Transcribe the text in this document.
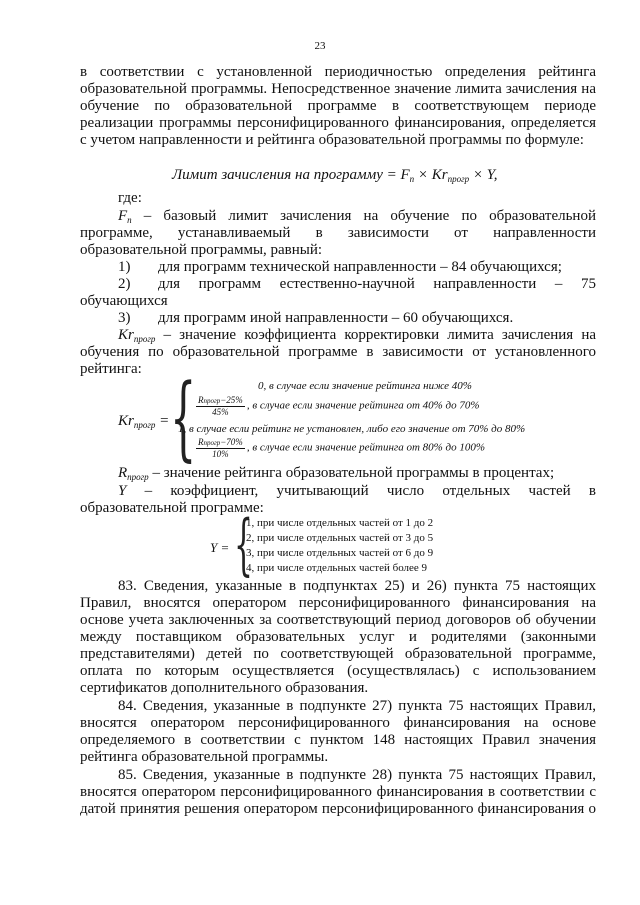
23
в соответствии с установленной периодичностью определения рейтинга
образовательной программы. Непосредственное значение лимита зачисления на
обучение по образовательной программе в соответствующем периоде
реализации программы персонифицированного финансирования, определяется
с учетом направленности и рейтинга образовательной программы по формуле:
Лимит зачисления на программу = $F_п \times Kr_{прогр} \times Y$,
где:
$F_п$ – базовый лимит зачисления на обучение по образовательной
программе, устанавливаемый в зависимости от направленности
образовательной программы, равный:
1) для программ технической направленности – 84 обучающихся;
2) для программ естественно-научной направленности – 75
обучающихся
3) для программ иной направленности – 60 обучающихся.
$Kr_{прогр}$ – значение коэффициента корректировки лимита зачисления на
обучения по образовательной программе в зависимости от установленного
рейтинга:
$Kr_{прогр}$ = {	0, в случае если значение рейтинга ниже 40%
$\frac{\text{Rпрогр−25\%}}{45\%}$ , в случае если значение рейтинга от 40% до 70%
1, в случае если рейтинг не установлен, либо его значение от 70% до 80%
$\frac{\text{Rпрогр−70\%}}{10\%}$ , в случае если значение рейтинга от 80% до 100%
$R_{прогр}$ – значение рейтинга образовательной программы в процентах;
Y – коэффициент, учитывающий число отдельных частей в
образовательной программе:
Y = {
1, при числе отдельных частей от 1 до 2
2, при числе отдельных частей от 3 до 5
3, при числе отдельных частей от 6 до 9
4, при числе отдельных частей более 9
83. Сведения, указанные в подпунктах 25) и 26) пункта 75 настоящих
Правил, вносятся оператором персонифицированного финансирования на
основе учета заключенных за соответствующий период договоров об обучении
между поставщиком образовательных услуг и родителями (законными
представителями) детей по соответствующей образовательной программе,
оплата по которым осуществляется (осуществлялась) с использованием
сертификатов дополнительного образования.
84. Сведения, указанные в подпункте 27) пункта 75 настоящих Правил,
вносятся оператором персонифицированного финансирования на основе
определяемого в соответствии с пунктом 148 настоящих Правил значения
рейтинга образовательной программы.
85. Сведения, указанные в подпункте 28) пункта 75 настоящих Правил,
вносятся оператором персонифицированного финансирования в соответствии с
датой принятия решения оператором персонифицированного финансирования о
